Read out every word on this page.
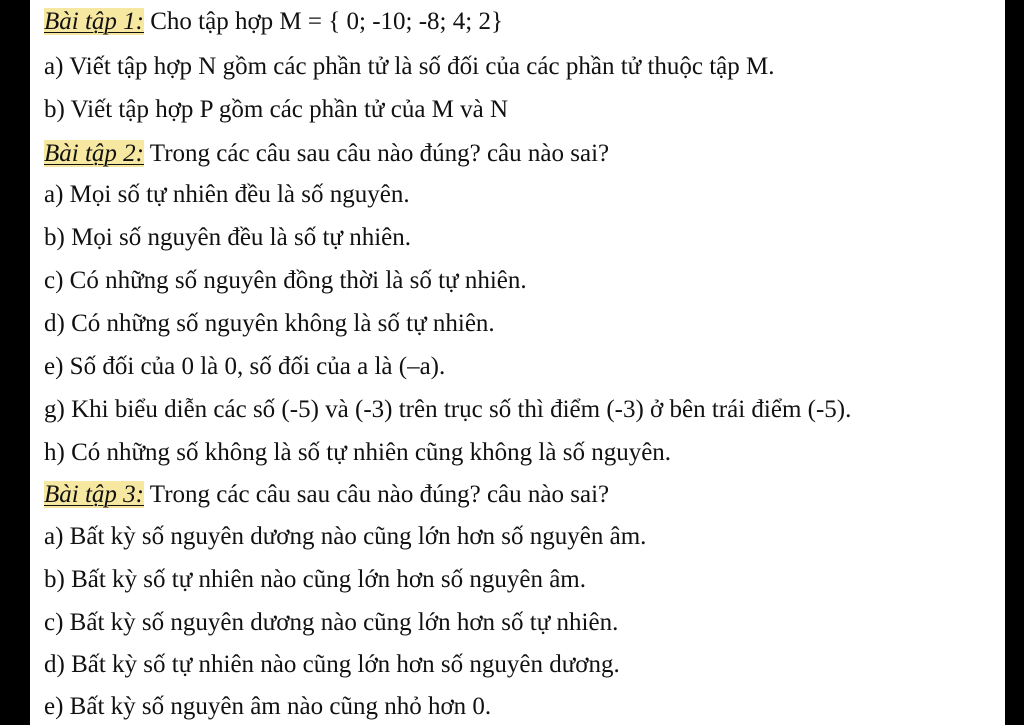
Bài tập 1: Cho tập hợp M = { 0; -10; -8; 4; 2}
a) Viết tập hợp N gồm các phần tử là số đối của các phần tử thuộc tập M.
b) Viết tập hợp P gồm các phần tử của M và N
Bài tập 2: Trong các câu sau câu nào đúng? câu nào sai?
a) Mọi số tự nhiên đều là số nguyên.
b) Mọi số nguyên đều là số tự nhiên.
c) Có những số nguyên đồng thời là số tự nhiên.
d) Có những số nguyên không là số tự nhiên.
e) Số đối của 0 là 0, số đối của a là (–a).
g) Khi biểu diễn các số (-5) và (-3) trên trục số thì điểm (-3) ở bên trái điểm (-5).
h) Có những số không là số tự nhiên cũng không là số nguyên.
Bài tập 3: Trong các câu sau câu nào đúng? câu nào sai?
a) Bất kỳ số nguyên dương nào cũng lớn hơn số nguyên âm.
b) Bất kỳ số tự nhiên nào cũng lớn hơn số nguyên âm.
c) Bất kỳ số nguyên dương nào cũng lớn hơn số tự nhiên.
d) Bất kỳ số tự nhiên nào cũng lớn hơn số nguyên dương.
e) Bất kỳ số nguyên âm nào cũng nhỏ hơn 0.
